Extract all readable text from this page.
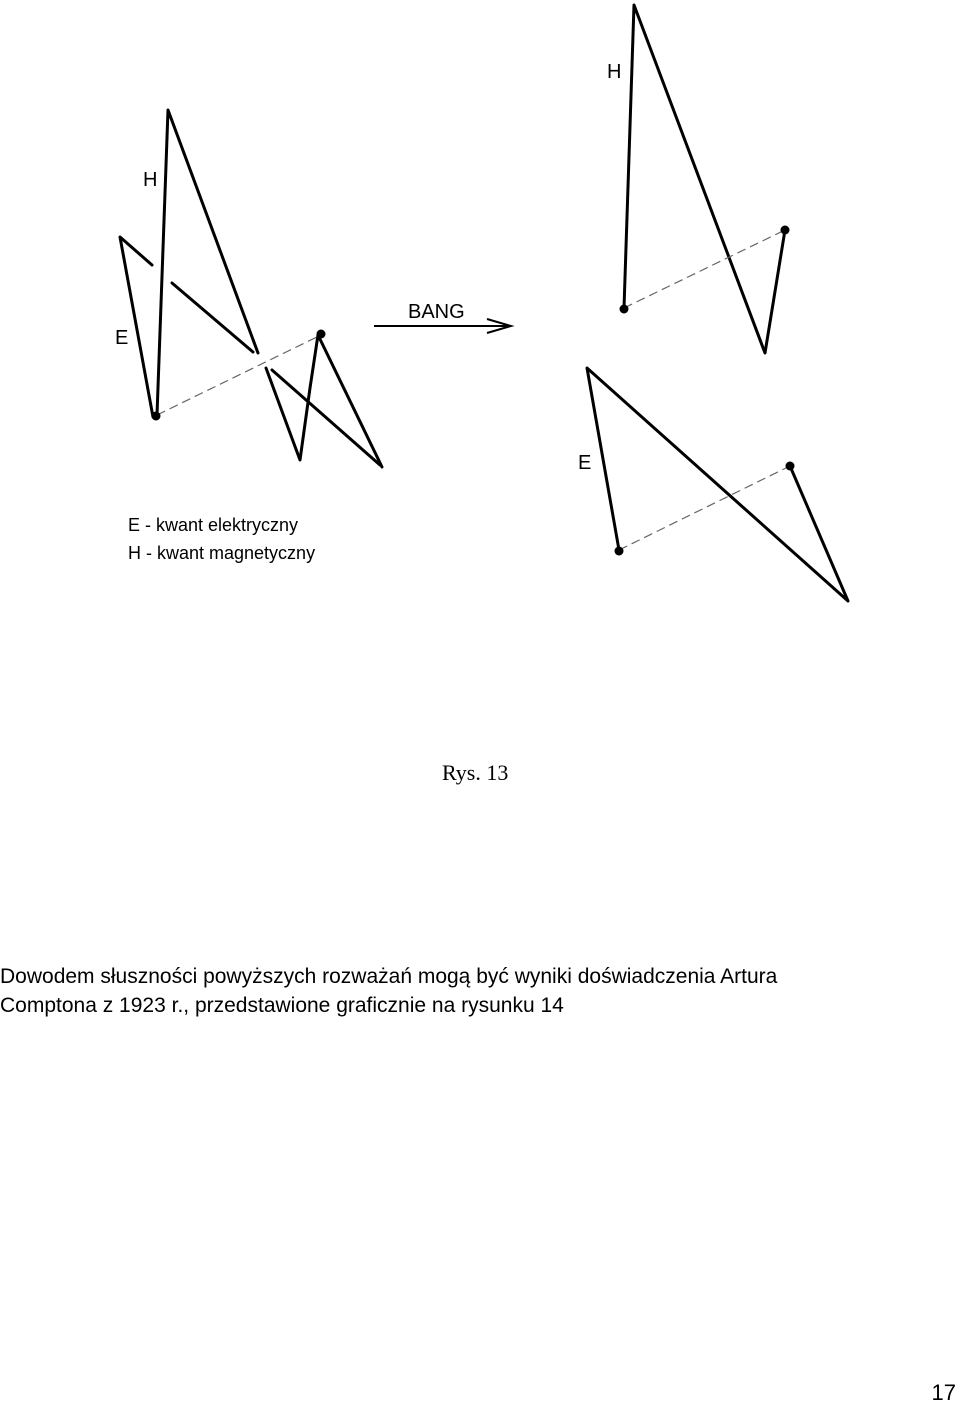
H
E
BANG
H
E
E - kwant elektryczny
H - kwant magnetyczny
Rys. 13
Dowodem słuszności powyższych rozważań mogą być wyniki doświadczenia Artura
Comptona z 1923 r., przedstawione graficznie na rysunku 14
17
